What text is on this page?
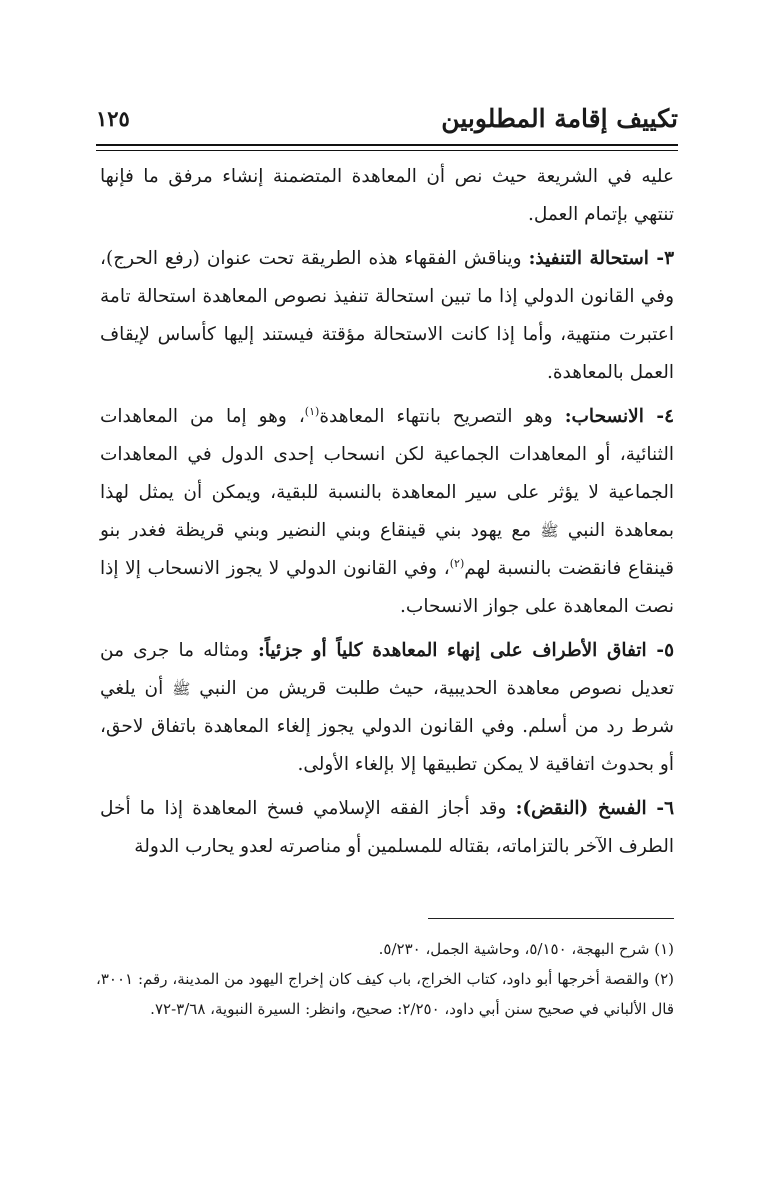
تكييف إقامة المطلوبين
١٢٥

عليه في الشريعة حيث نص أن المعاهدة المتضمنة إنشاء مرفق ما فإنها تنتهي بإتمام العمل.

٣- استحالة التنفيذ: ويناقش الفقهاء هذه الطريقة تحت عنوان (رفع الحرج)، وفي القانون الدولي إذا ما تبين استحالة تنفيذ نصوص المعاهدة استحالة تامة اعتبرت منتهية، وأما إذا كانت الاستحالة مؤقتة فيستند إليها كأساس لإيقاف العمل بالمعاهدة.

٤- الانسحاب: وهو التصريح بانتهاء المعاهدة$^{(١)}$، وهو إما من المعاهدات الثنائية، أو المعاهدات الجماعية لكن انسحاب إحدى الدول في المعاهدات الجماعية لا يؤثر على سير المعاهدة بالنسبة للبقية، ويمكن أن يمثل لهذا بمعاهدة النبي ﷺ مع يهود بني قينقاع وبني النضير وبني قريظة فغدر بنو قينقاع فانقضت بالنسبة لهم$^{(٢)}$، وفي القانون الدولي لا يجوز الانسحاب إلا إذا نصت المعاهدة على جواز الانسحاب.

٥- اتفاق الأطراف على إنهاء المعاهدة كلياً أو جزئياً: ومثاله ما جرى من تعديل نصوص معاهدة الحديبية، حيث طلبت قريش من النبي ﷺ أن يلغي شرط رد من أسلم. وفي القانون الدولي يجوز إلغاء المعاهدة باتفاق لاحق، أو بحدوث اتفاقية لا يمكن تطبيقها إلا بإلغاء الأولى.

٦- الفسخ (النقض): وقد أجاز الفقه الإسلامي فسخ المعاهدة إذا ما أخل الطرف الآخر بالتزاماته، بقتاله للمسلمين أو مناصرته لعدو يحارب الدولة

(١) شرح البهجة، ٥/١٥٠، وحاشية الجمل، ٥/٢٣٠.

(٢) والقصة أخرجها أبو داود، كتاب الخراج، باب كيف كان إخراج اليهود من المدينة، رقم: ٣٠٠١، قال الألباني في صحيح سنن أبي داود، ٢/٢٥٠: صحيح، وانظر: السيرة النبوية، ٣/٦٨-٧٢.
